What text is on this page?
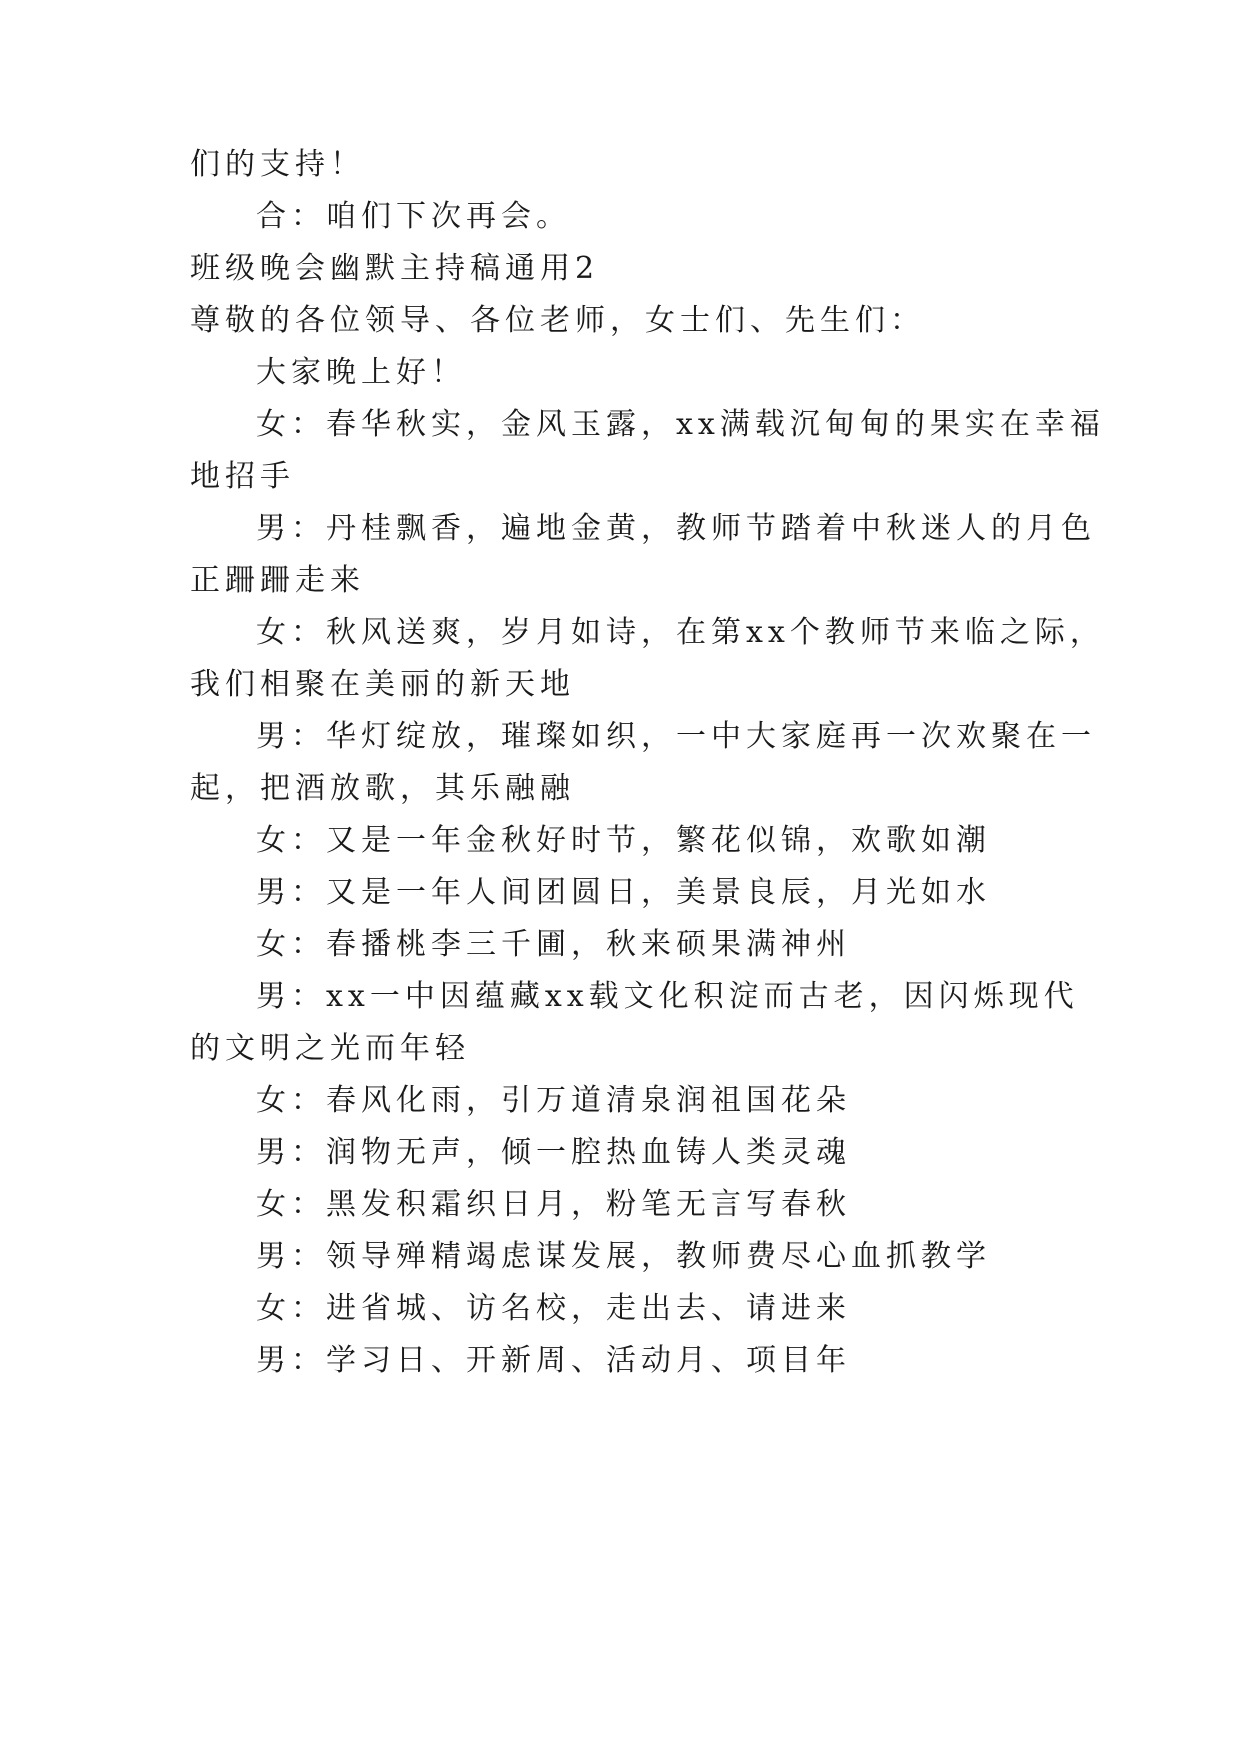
们的支持！
合：咱们下次再会。
班级晚会幽默主持稿通用2
尊敬的各位领导、各位老师，女士们、先生们：
大家晚上好！
女：春华秋实，金风玉露，xx满载沉甸甸的果实在幸福
地招手
男：丹桂飘香，遍地金黄，教师节踏着中秋迷人的月色
正跚跚走来
女：秋风送爽，岁月如诗，在第xx个教师节来临之际，
我们相聚在美丽的新天地
男：华灯绽放，璀璨如织，一中大家庭再一次欢聚在一
起，把酒放歌，其乐融融
女：又是一年金秋好时节，繁花似锦，欢歌如潮
男：又是一年人间团圆日，美景良辰，月光如水
女：春播桃李三千圃，秋来硕果满神州
男：xx一中因蕴藏xx载文化积淀而古老，因闪烁现代
的文明之光而年轻
女：春风化雨，引万道清泉润祖国花朵
男：润物无声，倾一腔热血铸人类灵魂
女：黑发积霜织日月，粉笔无言写春秋
男：领导殚精竭虑谋发展，教师费尽心血抓教学
女：进省城、访名校，走出去、请进来
男：学习日、开新周、活动月、项目年
